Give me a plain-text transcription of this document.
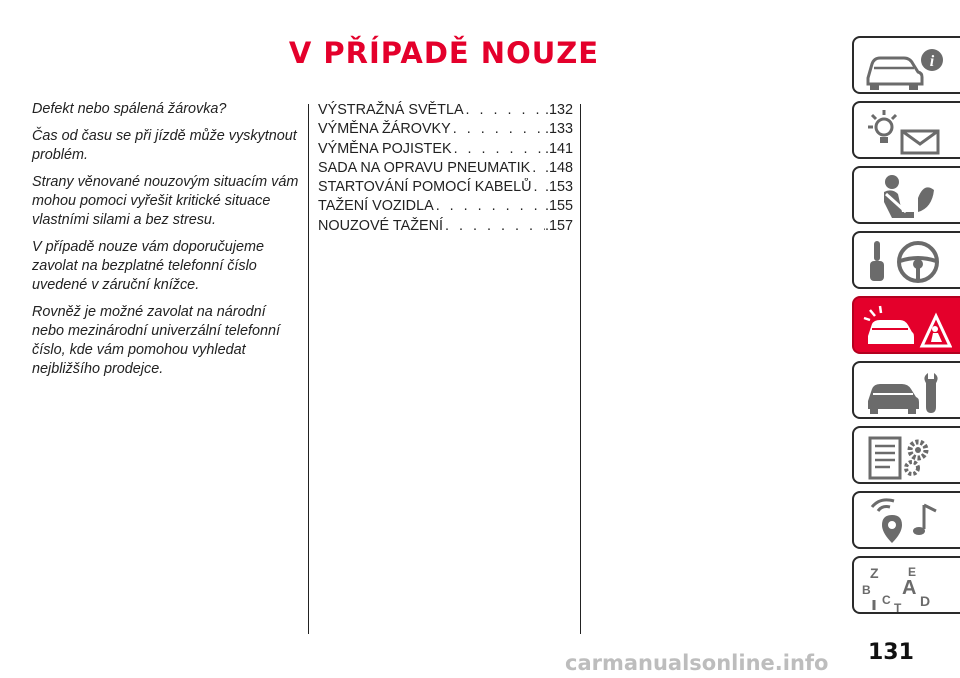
V PŘÍPADĚ NOUZE

Defekt nebo spálená žárovka?

Čas od času se při jízdě může vyskytnout problém.

Strany věnované nouzovým situacím vám mohou pomoci vyřešit kritické situace vlastními silami a bez stresu.

V případě nouze vám doporučujeme zavolat na bezplatné telefonní číslo uvedené v záruční knížce.

Rovněž je možné zavolat na národní nebo mezinárodní univerzální telefonní číslo, kde vám pomohou vyhledat nejbližšího prodejce.

VÝSTRAŽNÁ SVĚTLA . . .	.132
VÝMĚNA ŽÁROVKY . . .	.133
VÝMĚNA POJISTEK . . .	.141
SADA NA OPRAVU PNEUMATIK . . . .148
STARTOVÁNÍ POMOCÍ KABELŮ . . . .153
TAŽENÍ VOZIDLA . . .	.155
NOUZOVÉ TAŽENÍ . . .	.157
i
Z E
B A
C D
T
131
carmanualsonline.info
